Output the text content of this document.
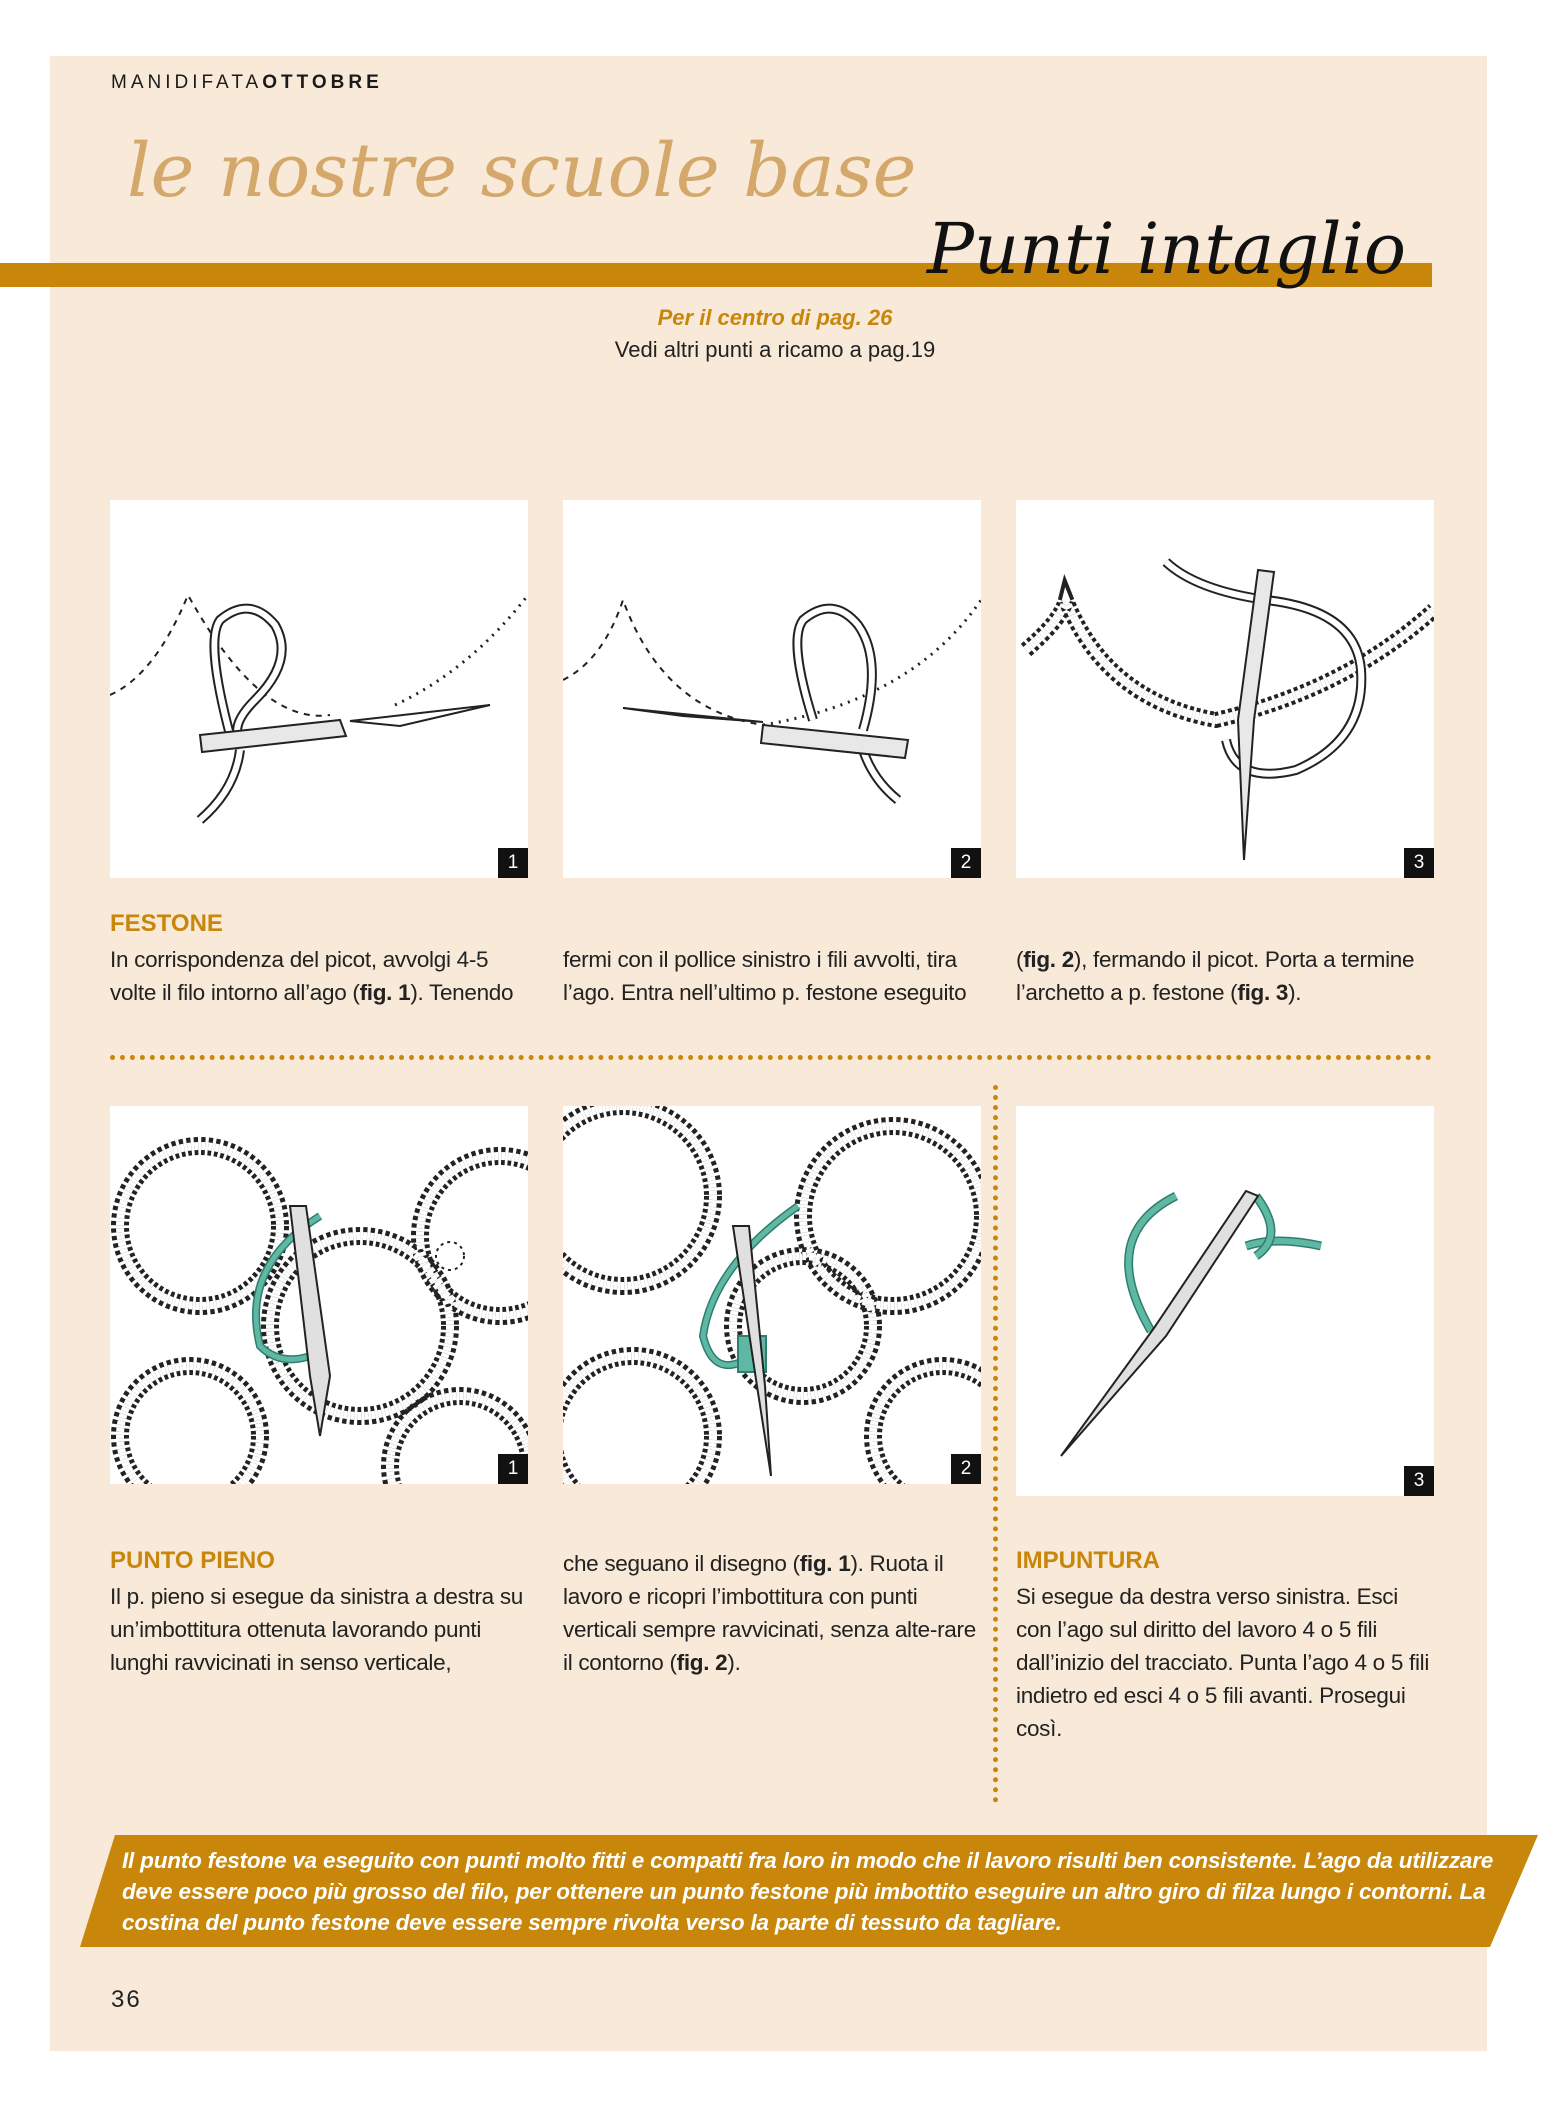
MANIDIFATAOTTOBRE
le nostre scuole base
Punti intaglio
Per il centro di pag. 26
Vedi altri punti a ricamo a pag.19
1	2	3
FESTONE
In corrispondenza del picot, avvolgi 4-5 volte il filo intorno all’ago (fig. 1). Tenendo
fermi con il pollice sinistro i fili avvolti, tira l’ago. Entra nell’ultimo p. festone eseguito
(fig. 2), fermando il picot. Porta a termine l’archetto a p. festone (fig. 3).
1	2
3
PUNTO PIENO
Il p. pieno si esegue da sinistra a destra su un’imbottitura ottenuta lavorando punti lunghi ravvicinati in senso verticale,
che seguano il disegno (fig. 1). Ruota il lavoro e ricopri l’imbottitura con punti verticali sempre ravvicinati, senza alte-rare il contorno (fig. 2).
IMPUNTURA
Si esegue da destra verso sinistra. Esci con l’ago sul diritto del lavoro 4 o 5 fili dall’inizio del tracciato. Punta l’ago 4 o 5 fili indietro ed esci 4 o 5 fili avanti. Prosegui così.
Il punto festone va eseguito con punti molto fitti e compatti fra loro in modo che il lavoro risulti ben consistente. L’ago da utilizzare deve essere poco più grosso del filo, per ottenere un punto festone più imbottito eseguire un altro giro di filza lungo i contorni. La costina del punto festone deve essere sempre rivolta verso la parte di tessuto da tagliare.
36
